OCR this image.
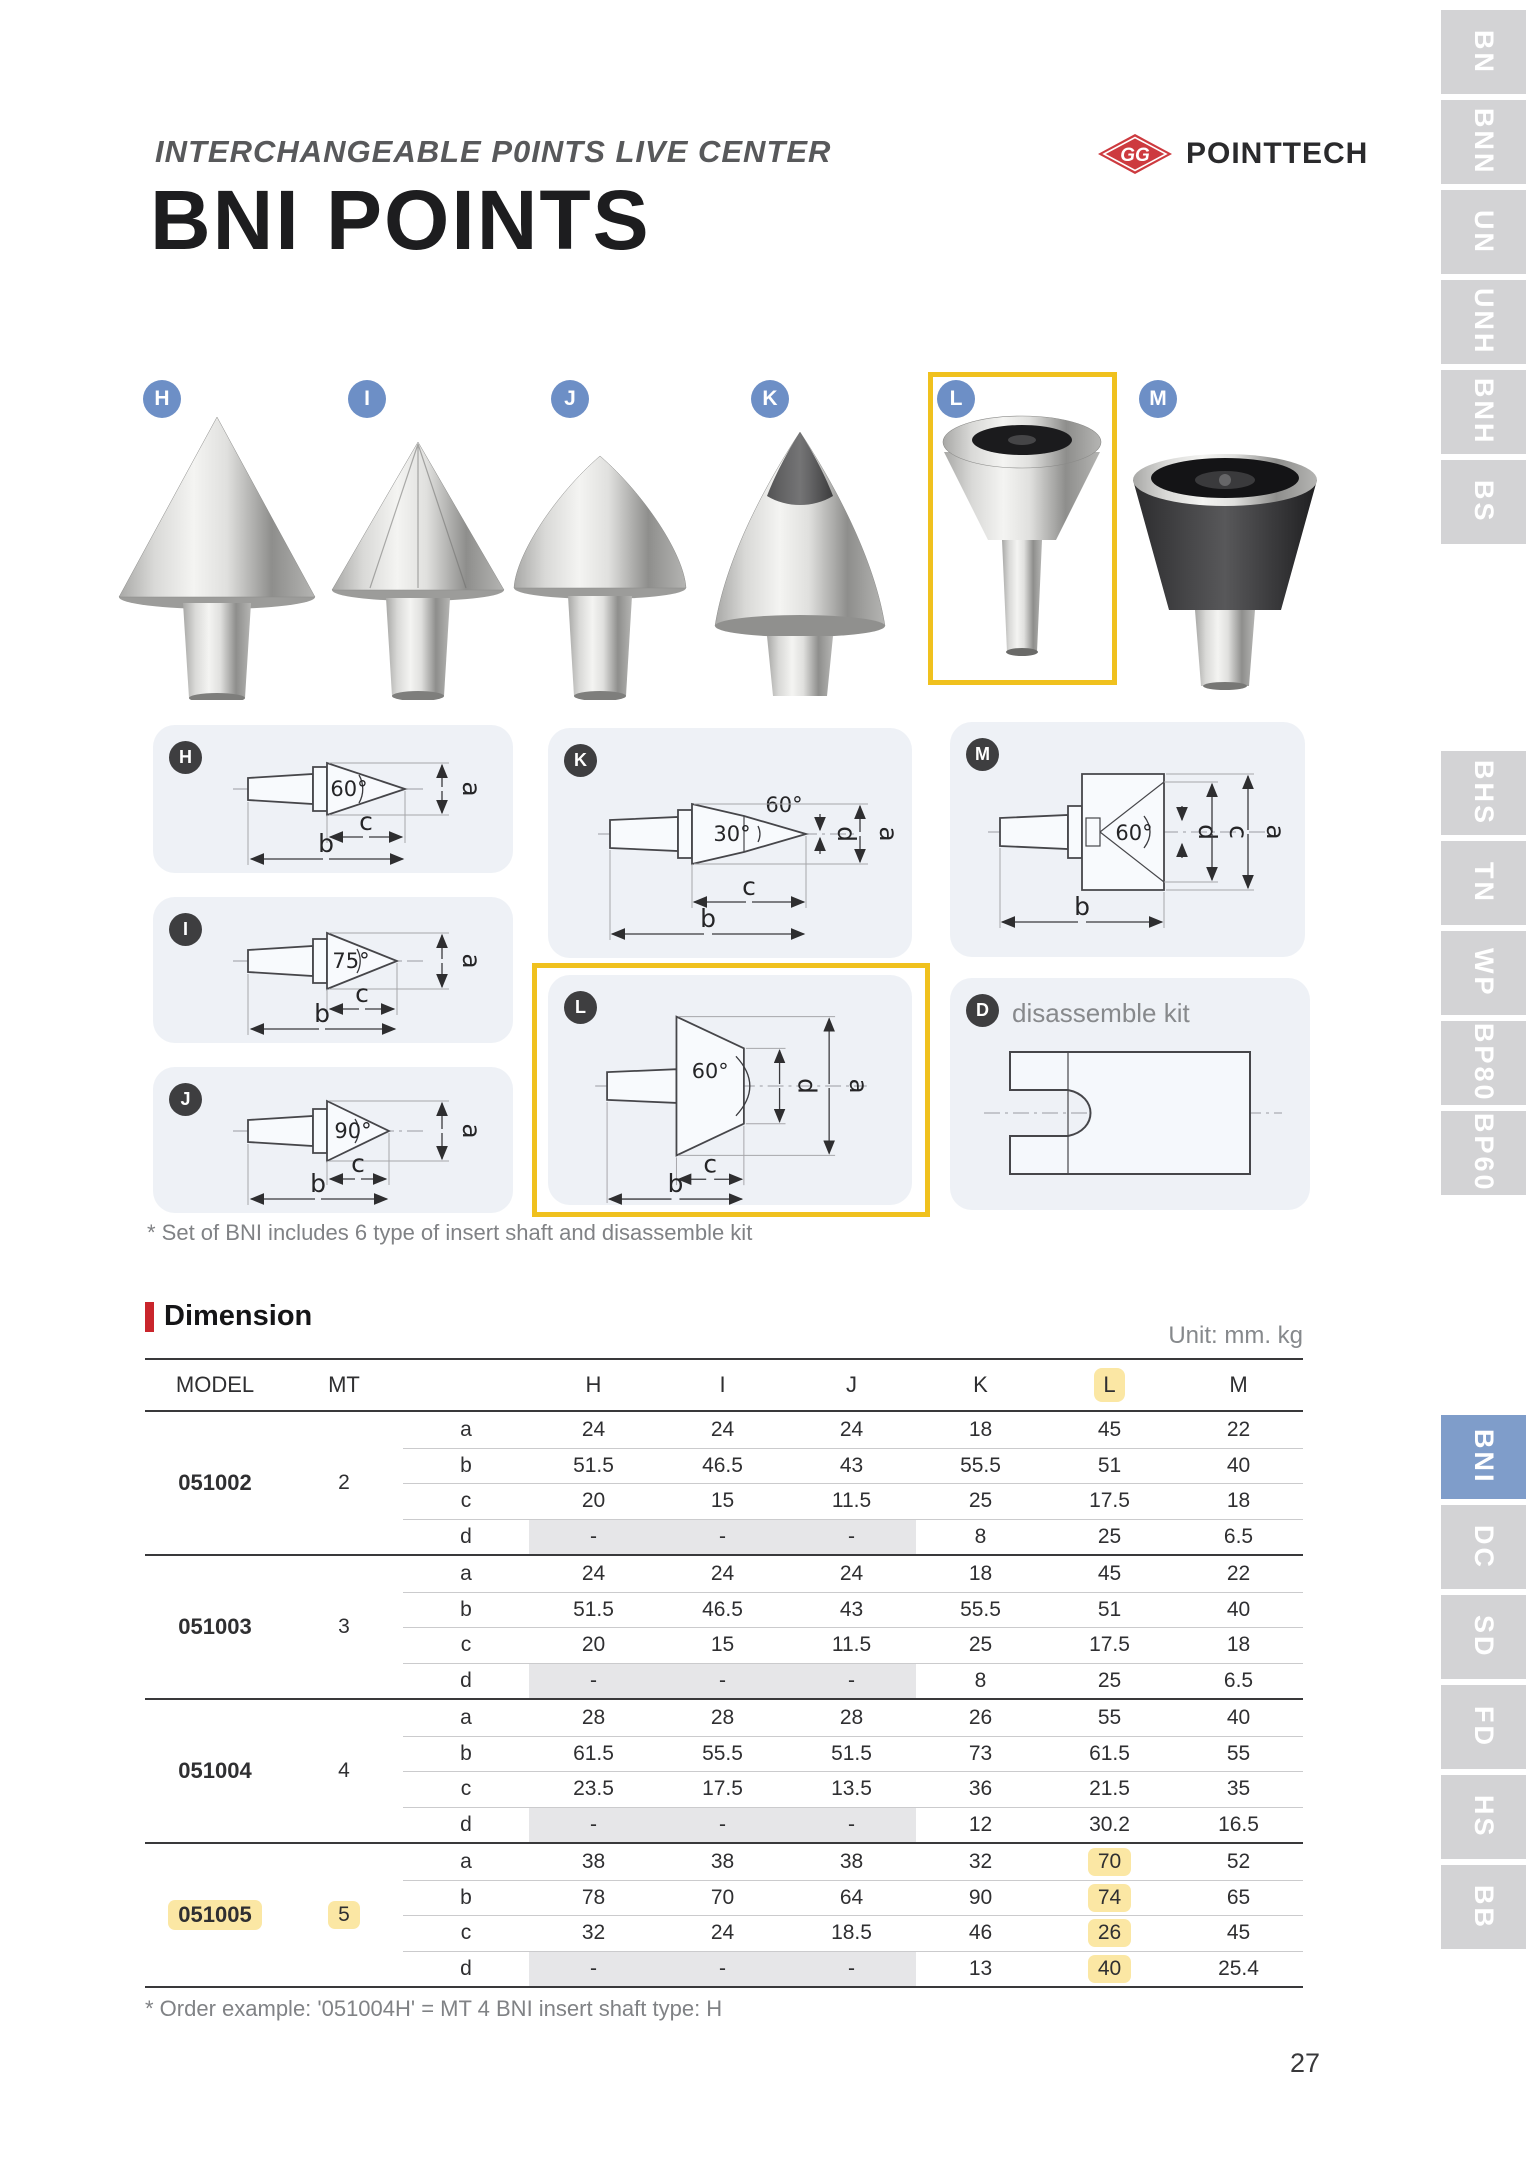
INTERCHANGEABLE P0INTS LIVE CENTER
BNI POINTS
GG POINTTECH
H	I	J	K	L	M
H
60°	a
c
b
I
75°	a
c
b
J
90°	a
c
b
K
30°
60°
d a
c
b
L
60°
d a
c
b
M
60° d c a
b
D disassemble kit
* Set of BNI includes 6 type of insert shaft and disassemble kit
Dimension
Unit: mm. kg
MODEL	MT	H	I	J	K	L	M
051002	2
a	24	24	24	18	45	22
b	51.5	46.5	43	55.5	51	40
c	20	15	11.5	25	17.5	18
d	-	-	-	8	25	6.5
051003	3
a	24	24	24	18	45	22
b	51.5	46.5	43	55.5	51	40
c	20	15	11.5	25	17.5	18
d	-	-	-	8	25	6.5
051004	4
a	28	28	28	26	55	40
b	61.5	55.5	51.5	73	61.5	55
c	23.5	17.5	13.5	36	21.5	35
d	-	-	-	12	30.2	16.5
051005	5
a	38	38	38	32	70	52
b	78	70	64	90	74	65
c	32	24	18.5	46	26	45
d	-	-	-	13	40	25.4
* Order example: '051004H' = MT 4 BNI insert shaft type: H
27
BN
BNN
UN
UNH
BNH
BS
BHS
TN
WP
BP80
BP60
BNI
DC
SD
FD
HS
BB
